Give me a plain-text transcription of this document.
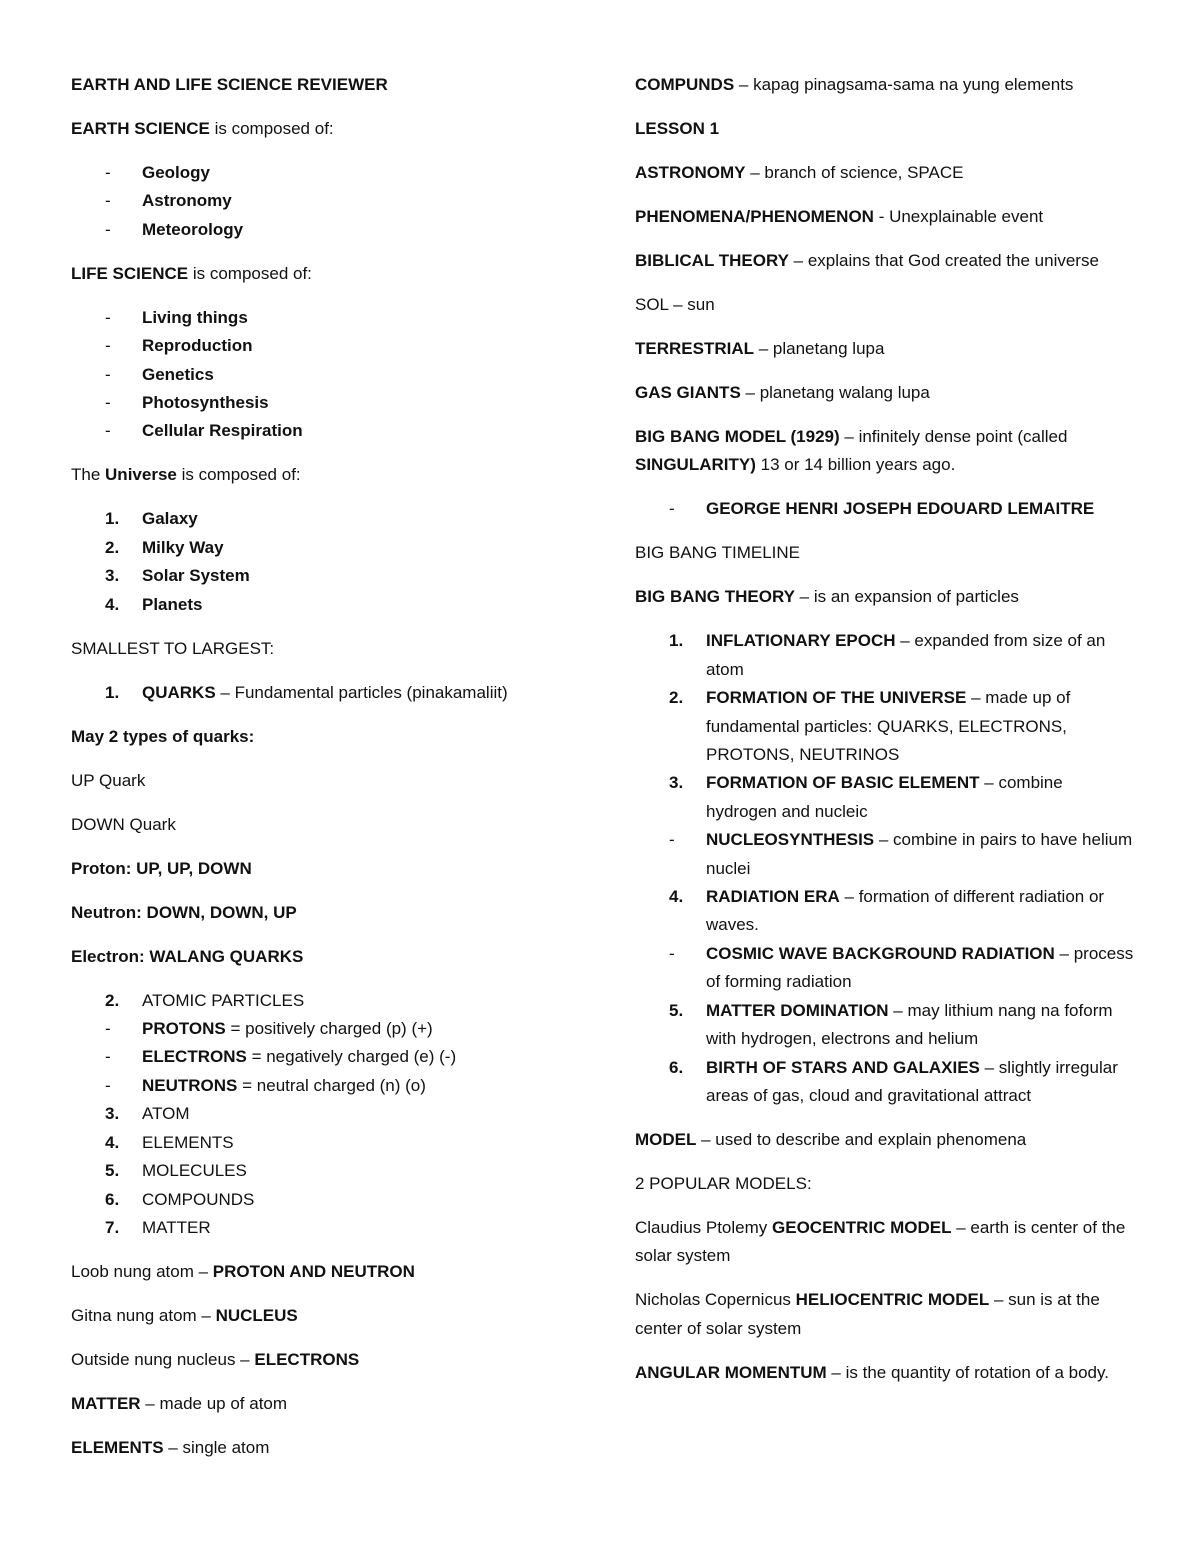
EARTH AND LIFE SCIENCE REVIEWER

EARTH SCIENCE is composed of:

- Geology
- Astronomy
- Meteorology

LIFE SCIENCE is composed of:

- Living things
- Reproduction
- Genetics
- Photosynthesis
- Cellular Respiration

The Universe is composed of:

1. Galaxy
2. Milky Way
3. Solar System
4. Planets

SMALLEST TO LARGEST:

1. QUARKS – Fundamental particles (pinakamaliit)

May 2 types of quarks:

UP Quark

DOWN Quark

Proton: UP, UP, DOWN

Neutron: DOWN, DOWN, UP

Electron: WALANG QUARKS

2. ATOMIC PARTICLES
- PROTONS = positively charged (p) (+)
- ELECTRONS = negatively charged (e) (-)
- NEUTRONS = neutral charged (n) (o)
3. ATOM
4. ELEMENTS
5. MOLECULES
6. COMPOUNDS
7. MATTER

Loob nung atom – PROTON AND NEUTRON

Gitna nung atom – NUCLEUS

Outside nung nucleus – ELECTRONS

MATTER – made up of atom

ELEMENTS – single atom

COMPUNDS – kapag pinagsama-sama na yung elements

LESSON 1

ASTRONOMY – branch of science, SPACE

PHENOMENA/PHENOMENON - Unexplainable event

BIBLICAL THEORY – explains that God created the universe

SOL – sun

TERRESTRIAL – planetang lupa

GAS GIANTS – planetang walang lupa

BIG BANG MODEL (1929) – infinitely dense point (called SINGULARITY) 13 or 14 billion years ago.

- GEORGE HENRI JOSEPH EDOUARD LEMAITRE

BIG BANG TIMELINE

BIG BANG THEORY – is an expansion of particles

1. INFLATIONARY EPOCH – expanded from size of an atom
2. FORMATION OF THE UNIVERSE – made up of fundamental particles: QUARKS, ELECTRONS, PROTONS, NEUTRINOS
3. FORMATION OF BASIC ELEMENT – combine hydrogen and nucleic
- NUCLEOSYNTHESIS – combine in pairs to have helium nuclei
4. RADIATION ERA – formation of different radiation or waves.
- COSMIC WAVE BACKGROUND RADIATION – process of forming radiation
5. MATTER DOMINATION – may lithium nang na foform with hydrogen, electrons and helium
6. BIRTH OF STARS AND GALAXIES – slightly irregular areas of gas, cloud and gravitational attract

MODEL – used to describe and explain phenomena

2 POPULAR MODELS:

Claudius Ptolemy GEOCENTRIC MODEL – earth is center of the solar system

Nicholas Copernicus HELIOCENTRIC MODEL – sun is at the center of solar system

ANGULAR MOMENTUM – is the quantity of rotation of a body.
